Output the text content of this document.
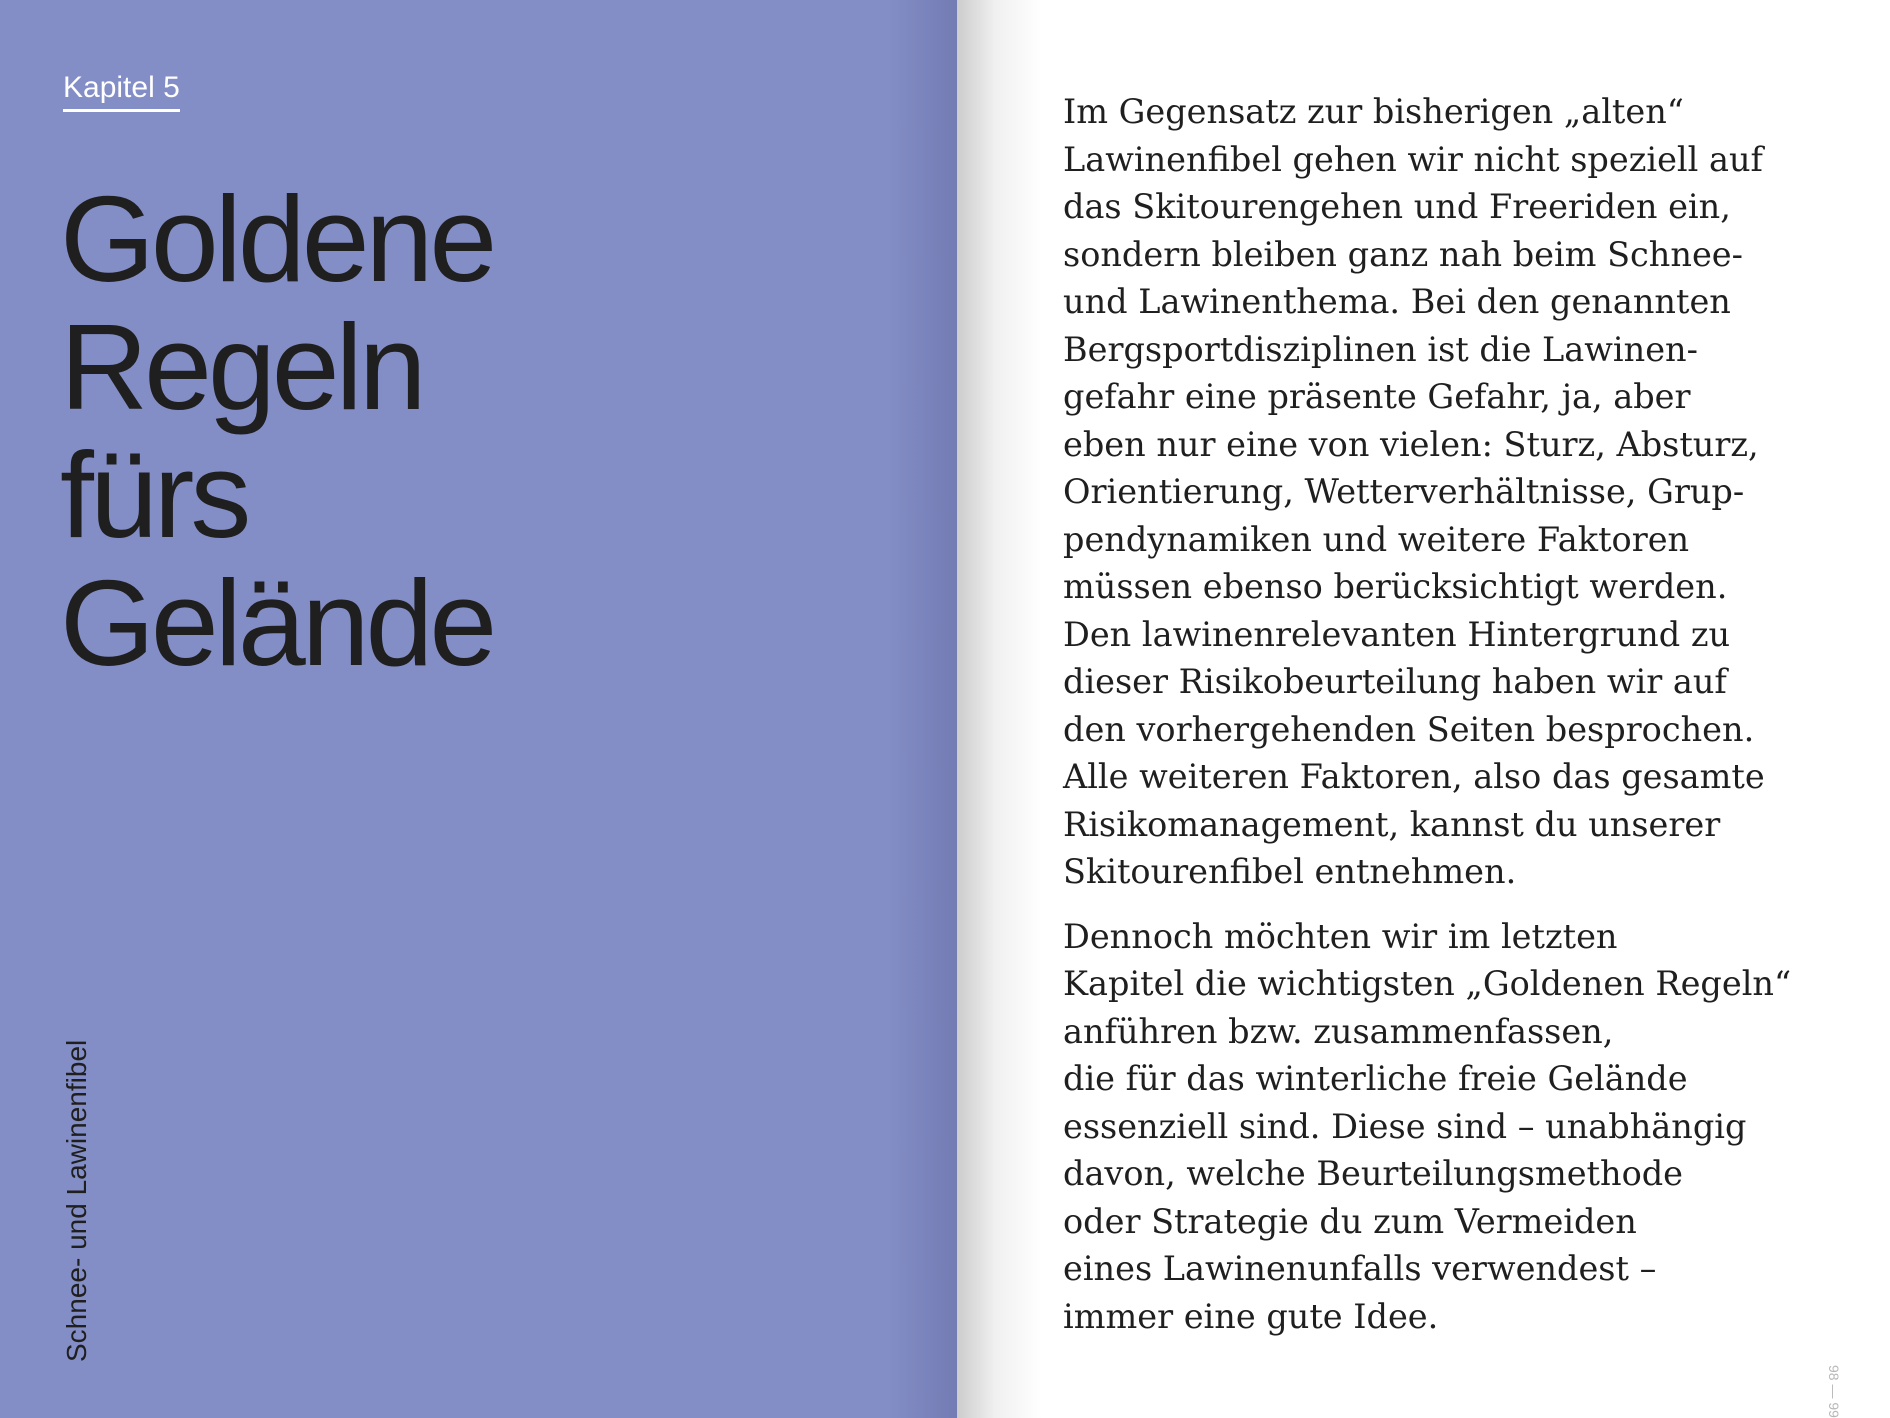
Kapitel 5
Goldene
Regeln
fürs
Gelände
Schnee- und Lawinenfibel

Im Gegensatz zur bisherigen „alten“
Lawinenfibel gehen wir nicht speziell auf
das Skitourengehen und Freeriden ein,
sondern bleiben ganz nah beim Schnee-
und Lawinenthema. Bei den genannten
Bergsportdisziplinen ist die Lawinen-
gefahr eine präsente Gefahr, ja, aber
eben nur eine von vielen: Sturz, Absturz,
Orientierung, Wetterverhältnisse, Grup-
pendynamiken und weitere Faktoren
müssen ebenso berücksichtigt werden.
Den lawinenrelevanten Hintergrund zu
dieser Risikobeurteilung haben wir auf
den vorhergehenden Seiten besprochen.
Alle weiteren Faktoren, also das gesamte
Risikomanagement, kannst du unserer
Skitourenfibel entnehmen.

Dennoch möchten wir im letzten
Kapitel die wichtigsten „Goldenen Regeln“
anführen bzw. zusammenfassen,
die für das winterliche freie Gelände
essenziell sind. Diese sind – unabhängig
davon, welche Beurteilungsmethode
oder Strategie du zum Vermeiden
eines Lawinenunfalls verwendest –
immer eine gute Idee.

98 — 99
